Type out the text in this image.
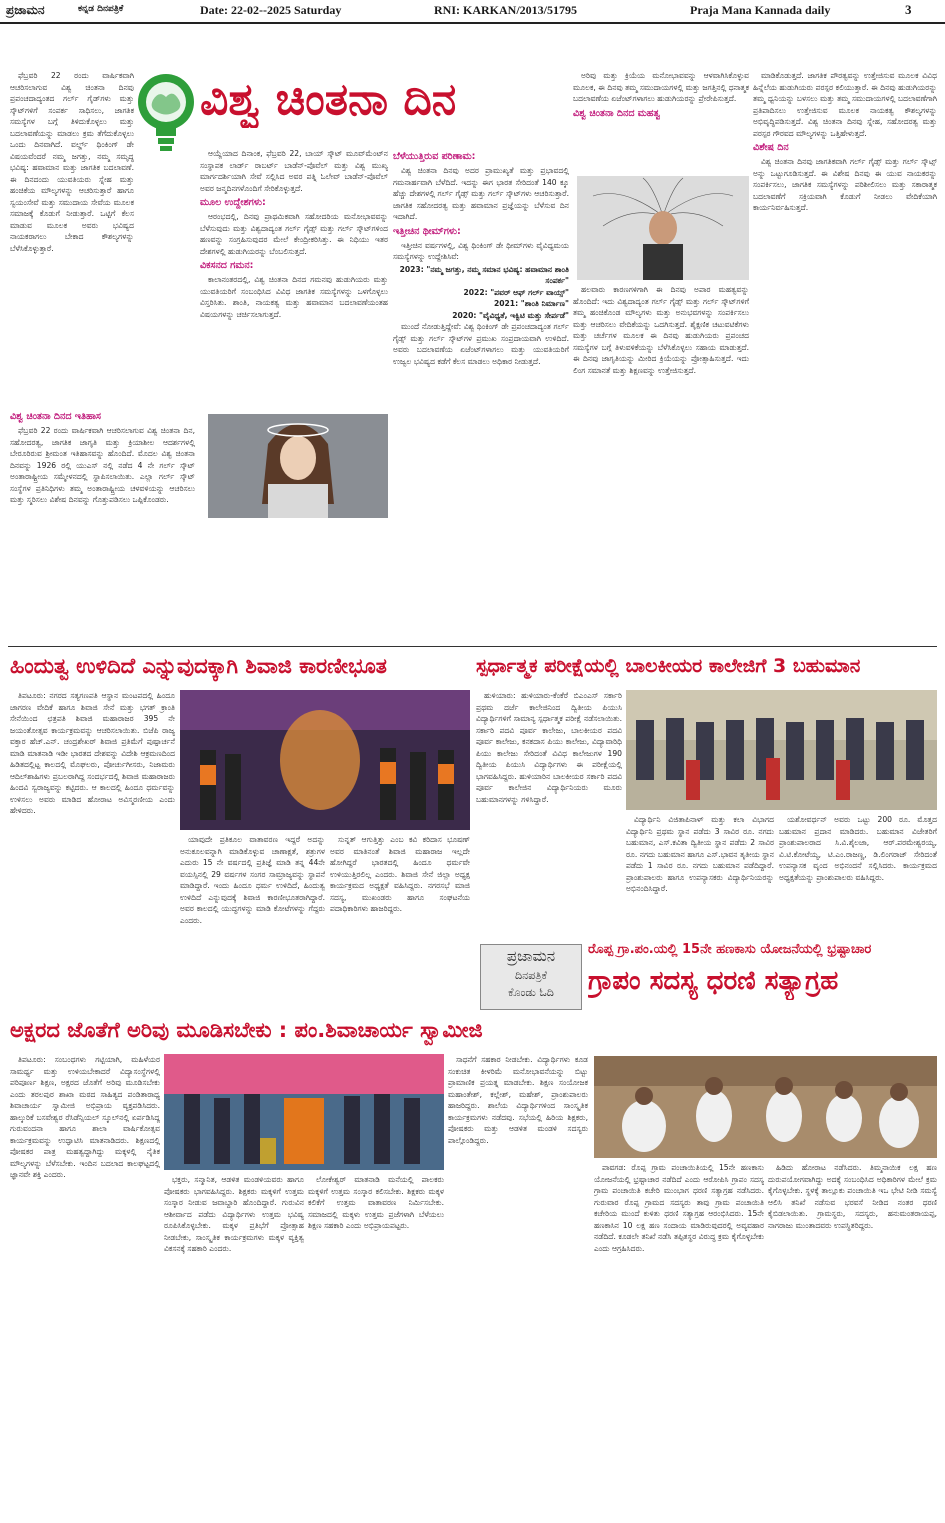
ಪ್ರಜಾಮನ	ಕನ್ನಡ ದಿನಪತ್ರಿಕೆ	Date: 22-02--2025 Saturday	RNI: KARKAN/2013/51795	Praja Mana Kannada daily	3
ವಿಶ್ವ ಚಿಂತನಾ ದಿನ

ಫೆಬ್ರವರಿ 22 ರಂದು ವಾರ್ಷಿಕವಾಗಿ ಆಚರಿಸಲಾಗುವ ವಿಶ್ವ ಚಿಂತನಾ ದಿನವು ಪ್ರಪಂಚದಾದ್ಯಂತದ ಗರ್ಲ್ ಗೈಡ್‌ಗಳು ಮತ್ತು ಸ್ಕೌಟ್‌ಗಳಿಗೆ ಸಂಪರ್ಕ ಸಾಧಿಸಲು, ಜಾಗತಿಕ ಸಮಸ್ಯೆಗಳ ಬಗ್ಗೆ ತಿಳಿದುಕೊಳ್ಳಲು ಮತ್ತು ಬದಲಾವಣೆಯನ್ನು ಮಾಡಲು ಕ್ರಮ ತೆಗೆದುಕೊಳ್ಳಲು ಒಂದು ದಿನವಾಗಿದೆ. ವರ್ಲ್ಡ್ ಥಿಂಕಿಂಗ್ ಡೇ ವಿಷಯವೆಂದರೆ ನಮ್ಮ ಜಗತ್ತು, ನಮ್ಮ ಸಮೃದ್ಧ ಭವಿಷ್ಯ: ಹವಾಮಾನ ಮತ್ತು ಜಾಗತಿಕ ಬದಲಾವಣೆ. ಈ ದಿನದಂದು ಯುವತಿಯರು ಸ್ನೇಹ ಮತ್ತು ಹಂಚಿಕೆಯ ಮೌಲ್ಯಗಳನ್ನು ಆಚರಿಸುತ್ತಾರೆ ಹಾಗೂ ಸ್ವಯಂಸೇವೆ ಮತ್ತು ಸಮುದಾಯ ಸೇವೆಯ ಮೂಲಕ ಸಮಾಜಕ್ಕೆ ಕೊಡುಗೆ ನೀಡುತ್ತಾರೆ. ಒಟ್ಟಿಗೆ ಕೆಲಸ ಮಾಡುವ ಮೂಲಕ ಅವರು ಭವಿಷ್ಯದ ನಾಯಕರಾಗಲು ಬೇಕಾದ ಕೌಶಲ್ಯಗಳನ್ನು ಬೆಳೆಸಿಕೊಳ್ಳುತ್ತಾರೆ.

ವಿಶ್ವ ಚಿಂತನಾ ದಿನದ ಇತಿಹಾಸ

ಫೆಬ್ರವರಿ 22 ರಂದು ವಾರ್ಷಿಕವಾಗಿ ಆಚರಿಸಲಾಗುವ ವಿಶ್ವ ಚಿಂತನಾ ದಿನ, ಸಹೋದರತ್ವ, ಜಾಗತಿಕ ಜಾಗೃತಿ ಮತ್ತು ಕ್ರಿಯಾಶೀಲ ಆದರ್ಶಗಳಲ್ಲಿ ಬೇರೂರಿರುವ ಶ್ರೀಮಂತ ಇತಿಹಾಸವನ್ನು ಹೊಂದಿದೆ. ಮೊದಲ ವಿಶ್ವ ಚಿಂತನಾ ದಿನವನ್ನು 1926 ರಲ್ಲಿ ಯುಎಸ್ ನಲ್ಲಿ ನಡೆದ 4 ನೇ ಗರ್ಲ್ ಸ್ಕೌಟ್ ಅಂತಾರಾಷ್ಟ್ರೀಯ ಸಮ್ಮೇಳನದಲ್ಲಿ ಸ್ಥಾಪಿಸಲಾಯಿತು. ಎಲ್ಲಾ ಗರ್ಲ್ ಸ್ಕೌಟ್ ಸಂಸ್ಥೆಗಳ ಪ್ರತಿನಿಧಿಗಳು ತಮ್ಮ ಅಂತಾರಾಷ್ಟ್ರೀಯ ಚಳವಳಿಯನ್ನು ಆಚರಿಸಲು ಮತ್ತು ಸ್ಮರಿಸಲು ವಿಶೇಷ ದಿನವನ್ನು ಗೊತ್ತುಪಡಿಸಲು ಒಪ್ಪಿಕೊಂಡರು.

ಆಯ್ದೆಯಾದ ದಿನಾಂಕ, ಫೆಬ್ರವರಿ 22, ಬಾಯ್ ಸ್ಕೌಟ್ ಮೂವ್‌ಮೆಂಟ್‌ನ ಸಂಸ್ಥಾಪಕ ಲಾರ್ಡ್ ರಾಬರ್ಟ್ ಬಾಡೆನ್-ಪೊವೆಲ್ ಮತ್ತು ವಿಶ್ವ ಮುಖ್ಯ ಮಾರ್ಗದರ್ಶಿಯಾಗಿ ಸೇವೆ ಸಲ್ಲಿಸಿದ ಅವರ ಪತ್ನಿ ಓಲೇವ್ ಬಾಡೆನ್-ಪೊವೆಲ್ ಅವರ ಜನ್ಮದಿನಗಳೊಂದಿಗೆ ಸೇರಿಕೊಳ್ಳುತ್ತದೆ.

ಮೂಲ ಉದ್ದೇಶಗಳು:

ಆರಂಭದಲ್ಲಿ, ದಿನವು ಪ್ರಾಥಮಿಕವಾಗಿ ಸಹೋದರಿಯ ಮನೋಭಾವವನ್ನು ಬೆಳೆಸುವುದು ಮತ್ತು ವಿಶ್ವದಾದ್ಯಂತ ಗರ್ಲ್ ಗೈಡ್ಸ್ ಮತ್ತು ಗರ್ಲ್ ಸ್ಕೌಟ್‌ಗಳಿಂದ ಹಣವನ್ನು ಸಂಗ್ರಹಿಸುವುದರ ಮೇಲೆ ಕೇಂದ್ರೀಕರಿಸಿತ್ತು. ಈ ನಿಧಿಯು ಇತರ ದೇಶಗಳಲ್ಲಿ ಹುಡುಗಿಯರನ್ನು ಬೆಂಬಲಿಸುತ್ತದೆ.

ವಿಕಸನದ ಗಮನ:

ಕಾಲಾನಂತರದಲ್ಲಿ, ವಿಶ್ವ ಚಿಂತನಾ ದಿನದ ಗಮನವು ಹುಡುಗಿಯರು ಮತ್ತು ಯುವತಿಯರಿಗೆ ಸಂಬಂಧಿಸಿದ ವಿವಿಧ ಜಾಗತಿಕ ಸಮಸ್ಯೆಗಳನ್ನು ಒಳಗೊಳ್ಳಲು ವಿಸ್ತರಿಸಿತು. ಶಾಂತಿ, ನಾಯಕತ್ವ ಮತ್ತು ಹವಾಮಾನ ಬದಲಾವಣೆಯಂತಹ ವಿಷಯಗಳನ್ನು ಚರ್ಚಿಸಲಾಗುತ್ತದೆ.

ಬೆಳೆಯುತ್ತಿರುವ ಪರಿಣಾಮ:

ವಿಶ್ವ ಚಿಂತನಾ ದಿನವು ಅದರ ಪ್ರಾಮುಖ್ಯತೆ ಮತ್ತು ಪ್ರಭಾವದಲ್ಲಿ ಗಮನಾರ್ಹವಾಗಿ ಬೆಳೆದಿದೆ. ಇದನ್ನು ಈಗ ಭಾರತ ಸೇರಿದಂತೆ 140 ಕ್ಕೂ ಹೆಚ್ಚು ದೇಶಗಳಲ್ಲಿ ಗರ್ಲ್ ಗೈಡ್ಸ್ ಮತ್ತು ಗರ್ಲ್ ಸ್ಕೌಟ್‌ಗಳು ಆಚರಿಸುತ್ತಾರೆ. ಜಾಗತಿಕ ಸಹೋದರತ್ವ ಮತ್ತು ಹವಾಮಾನ ಪ್ರಜ್ಞೆಯನ್ನು ಬೆಳೆಸುವ ದಿನ ಇದಾಗಿದೆ.

ಇತ್ತೀಚಿನ ಥೀಮ್‌ಗಳು:

ಇತ್ತೀಚಿನ ವರ್ಷಗಳಲ್ಲಿ, ವಿಶ್ವ ಥಿಂಕಿಂಗ್ ಡೇ ಥೀಮ್‌ಗಳು ವೈವಿಧ್ಯಮಯ ಸಮಸ್ಯೆಗಳನ್ನು ಉದ್ದೇಶಿಸಿವೆ:

2023: "ನಮ್ಮ ಜಗತ್ತು, ನಮ್ಮ ಸಮಾನ ಭವಿಷ್ಯ: ಹವಾಮಾನ ಶಾಂತಿ ಸಂಪರ್ಕ"
2022: "ಪವರ್ ಆಫ್ ಗರ್ಲ್ ವಾಯ್ಸ್"
2021: "ಶಾಂತಿ ನಿರ್ಮಾಣ"
2020: "ವೈವಿಧ್ಯತೆ, ಇಕ್ವಿಟಿ ಮತ್ತು ಸೇರ್ಪಡೆ"

ಮುಂದೆ ನೋಡುತ್ತಿದ್ದೇವೆ: ವಿಶ್ವ ಥಿಂಕಿಂಗ್ ಡೇ ಪ್ರಪಂಚದಾದ್ಯಂತ ಗರ್ಲ್ ಗೈಡ್ಸ್ ಮತ್ತು ಗರ್ಲ್ ಸ್ಕೌಟ್‌ಗಳ ಪ್ರಮುಖ ಸಂಪ್ರದಾಯವಾಗಿ ಉಳಿದಿದೆ. ಅವರು ಬದಲಾವಣೆಯ ಏಜೆಂಟ್‌ಗಳಾಗಲು ಮತ್ತು ಯುವತಿಯರಿಗೆ ಉಜ್ವಲ ಭವಿಷ್ಯದ ಕಡೆಗೆ ಕೆಲಸ ಮಾಡಲು ಅಧಿಕಾರ ನೀಡುತ್ತದೆ.

ಅರಿವು ಮತ್ತು ಕ್ರಿಯೆಯ ಮನೋಭಾವವನ್ನು ಆಳವಾಗಿಸಿಕೊಳ್ಳುವ ಮೂಲಕ, ಈ ದಿನವು ತಮ್ಮ ಸಮುದಾಯಗಳಲ್ಲಿ ಮತ್ತು ಜಗತ್ತಿನಲ್ಲಿ ಧನಾತ್ಮಕ ಬದಲಾವಣೆಯ ಏಜೆಂಟ್‌ಗಳಾಗಲು ಹುಡುಗಿಯರನ್ನು ಪ್ರೇರೇಪಿಸುತ್ತದೆ.

ವಿಶ್ವ ಚಿಂತನಾ ದಿನದ ಮಹತ್ವ

ಹಲವಾರು ಕಾರಣಗಳಿಗಾಗಿ ಈ ದಿನವು ಅಪಾರ ಮಹತ್ವವನ್ನು ಹೊಂದಿದೆ: ಇದು ವಿಶ್ವದಾದ್ಯಂತ ಗರ್ಲ್ ಗೈಡ್ಸ್ ಮತ್ತು ಗರ್ಲ್ ಸ್ಕೌಟ್‌ಗಳಿಗೆ ತಮ್ಮ ಹಂಚಿಕೊಂಡ ಮೌಲ್ಯಗಳು ಮತ್ತು ಅನುಭವಗಳನ್ನು ಸಂಪರ್ಕಿಸಲು ಮತ್ತು ಆಚರಿಸಲು ವೇದಿಕೆಯನ್ನು ಒದಗಿಸುತ್ತದೆ. ಶೈಕ್ಷಣಿಕ ಚಟುವಟಿಕೆಗಳು ಮತ್ತು ಚರ್ಚೆಗಳ ಮೂಲಕ ಈ ದಿನವು ಹುಡುಗಿಯರು ಪ್ರಪಂಚದ ಸಮಸ್ಯೆಗಳ ಬಗ್ಗೆ ತಿಳುವಳಿಕೆಯನ್ನು ಬೆಳೆಸಿಕೊಳ್ಳಲು ಸಹಾಯ ಮಾಡುತ್ತದೆ. ಈ ದಿನವು ಜಾಗೃತಿಯನ್ನು ಮೀರಿದ ಕ್ರಿಯೆಯನ್ನು ಪ್ರೋತ್ಸಾಹಿಸುತ್ತದೆ. ಇದು ಲಿಂಗ ಸಮಾನತೆ ಮತ್ತು ಶಿಕ್ಷಣವನ್ನು ಉತ್ತೇಜಿಸುತ್ತದೆ.

ಮಾಡಿಕೊಡುತ್ತದೆ. ಜಾಗತಿಕ ಪೌರತ್ವವನ್ನು ಉತ್ತೇಜಿಸುವ ಮೂಲಕ ವಿವಿಧ ಹಿನ್ನೆಲೆಯ ಹುಡುಗಿಯರು ಪರಸ್ಪರ ಕಲಿಯುತ್ತಾರೆ. ಈ ದಿನವು ಹುಡುಗಿಯರನ್ನು ತಮ್ಮ ಧ್ವನಿಯನ್ನು ಬಳಸಲು ಮತ್ತು ತಮ್ಮ ಸಮುದಾಯಗಳಲ್ಲಿ ಬದಲಾವಣೆಗಾಗಿ ಪ್ರತಿಪಾದಿಸಲು ಉತ್ತೇಜಿಸುವ ಮೂಲಕ ನಾಯಕತ್ವ ಕೌಶಲ್ಯಗಳನ್ನು ಅಭಿವೃದ್ಧಿಪಡಿಸುತ್ತದೆ. ವಿಶ್ವ ಚಿಂತನಾ ದಿನವು ಸ್ನೇಹ, ಸಹೋದರತ್ವ ಮತ್ತು ಪರಸ್ಪರ ಗೌರವದ ಮೌಲ್ಯಗಳನ್ನು ಒತ್ತಿಹೇಳುತ್ತದೆ.

ವಿಶೇಷ ದಿನ

ವಿಶ್ವ ಚಿಂತನಾ ದಿನವು ಜಾಗತಿಕವಾಗಿ ಗರ್ಲ್ ಗೈಡ್ಸ್ ಮತ್ತು ಗರ್ಲ್ ಸ್ಕೌಟ್ಸ್ ಅನ್ನು ಒಟ್ಟುಗೂಡಿಸುತ್ತದೆ. ಈ ವಿಶೇಷ ದಿನವು ಈ ಯುವ ನಾಯಕರನ್ನು ಸಂಪರ್ಕಿಸಲು, ಜಾಗತಿಕ ಸಮಸ್ಯೆಗಳನ್ನು ಪರಿಶೀಲಿಸಲು ಮತ್ತು ಸಕಾರಾತ್ಮಕ ಬದಲಾವಣೆಗೆ ಸಕ್ರಿಯವಾಗಿ ಕೊಡುಗೆ ನೀಡಲು ವೇದಿಕೆಯಾಗಿ ಕಾರ್ಯನಿರ್ವಹಿಸುತ್ತದೆ.

ಹಿಂದುತ್ವ ಉಳಿದಿದೆ ಎನ್ನುವುದಕ್ಕಾಗಿ ಶಿವಾಜಿ ಕಾರಣೀಭೂತ

ತಿಪಟೂರು: ನಗರದ ಸತ್ಯಗಣಪತಿ ಆಸ್ಥಾನ ಮಂಟಪದಲ್ಲಿ ಹಿಂದೂ ಜಾಗರಣ ವೇದಿಕೆ ಹಾಗೂ ಶಿವಾಜಿ ಸೇನೆ ಮತ್ತು ಭಗತ್ ಕ್ರಾಂತಿ ಸೇನೆಯಿಂದ ಛತ್ರಪತಿ ಶಿವಾಜಿ ಮಹಾರಾಜರ 395 ನೇ ಜಯಂತೋತ್ಸವ ಕಾರ್ಯಕ್ರಮವನ್ನು ಆಚರಿಸಲಾಯಿತು. ಬಿಜೆಪಿ ರಾಜ್ಯ ವಕ್ತಾರ ಹೆಚ್.ಎನ್. ಚಂದ್ರಶೇಖರ್ ಶಿವಾಜಿ ಪ್ರತಿಮೆಗೆ ಪುಷ್ಪಾರ್ಚನೆ ಮಾಡಿ ಮಾತನಾಡಿ ಇಡೀ ಭಾರತದ ದೇಶವನ್ನು ವಿದೇಶಿ ಆಕ್ರಮಣದಿಂದ ಹಿಡಿತದಲ್ಲಿಟ್ಟ ಕಾಲದಲ್ಲಿ ಮೊಘಲರು, ಪೋರ್ಚುಗೀಸರು, ನಿಜಾಮರು ಆದಿಲ್‌ಶಾಹಿಗಳು ಪ್ರಬಲರಾಗಿದ್ದ ಸಂದರ್ಭದಲ್ಲಿ ಶಿವಾಜಿ ಮಹಾರಾಜರು ಹಿಂದವಿ ಸ್ವರಾಜ್ಯವನ್ನು ಕಟ್ಟಿದರು. ಆ ಕಾಲದಲ್ಲಿ ಹಿಂದೂ ಧರ್ಮವನ್ನು ಉಳಿಸಲು ಅವರು ಮಾಡಿದ ಹೋರಾಟ ಅವಿಸ್ಮರಣೀಯ ಎಂದು ಹೇಳಿದರು.

ಯಾವುದೇ ಪ್ರತಿಕೂಲ ವಾತಾವರಣ ಇದ್ದರೆ ಅದನ್ನು ಅನುಕೂಲವನ್ನಾಗಿ ಮಾಡಿಕೊಳ್ಳುವ ಚಾಣಾಕ್ಷತೆ, ಶತ್ರುಗಳ ಎದುರು 15 ನೇ ವರ್ಷದಲ್ಲಿ ಪ್ರತಿಜ್ಞೆ ಮಾಡಿ ತನ್ನ 44ನೇ ವಯಸ್ಸಿನಲ್ಲಿ 29 ವರ್ಷಗಳ ಸಂಗರ ಸಾಮ್ರಾಜ್ಯವನ್ನು ಸ್ಥಾಪನೆ ಮಾಡಿದ್ದಾರೆ. ಇಂದು ಹಿಂದೂ ಧರ್ಮ ಉಳಿದಿದೆ, ಹಿಂದುತ್ವ ಉಳಿದಿದೆ ಎನ್ನುವುದಕ್ಕೆ ಶಿವಾಜಿ ಕಾರಣೀಭೂತರಾಗಿದ್ದಾರೆ. ಅವರ ಕಾಲದಲ್ಲಿ ಯುದ್ಧಗಳನ್ನು ಮಾಡಿ ಕೋಟೆಗಳನ್ನು ಗೆದ್ದರು ಎಂದರು.

ಸುನ್ನತ್ ಆಗುತ್ತಿತ್ತು ಎಂಬ ಕವಿ ಕರಿದಾಸ ಭೂಷಣ್ ಅವರ ಮಾತಿನಂತೆ ಶಿವಾಜಿ ಮಹಾರಾಜ ಇಲ್ಲದೇ ಹೋಗಿದ್ದರೆ ಭಾರತದಲ್ಲಿ ಹಿಂದೂ ಧರ್ಮವೇ ಉಳಿಯುತ್ತಿರಲಿಲ್ಲ ಎಂದರು. ಶಿವಾಜಿ ಸೇನೆ ಜಿಲ್ಲಾ ಅಧ್ಯಕ್ಷ ಕಾರ್ಯಕ್ರಮದ ಅಧ್ಯಕ್ಷತೆ ವಹಿಸಿದ್ದರು. ನಗರಸಭೆ ಮಾಜಿ ಸದಸ್ಯ, ಮುಖಂಡರು ಹಾಗೂ ಸಂಘಟನೆಯ ಪದಾಧಿಕಾರಿಗಳು ಹಾಜರಿದ್ದರು.

ಸ್ಪರ್ಧಾತ್ಮಕ ಪರೀಕ್ಷೆಯಲ್ಲಿ ಬಾಲಕೀಯರ ಕಾಲೇಜಿಗೆ 3 ಬಹುಮಾನ

ಹುಳಿಯಾರು: ಹುಳಿಯಾರು-ಕೆಂಕೆರೆ ಬಿಎಂಎಸ್ ಸರ್ಕಾರಿ ಪ್ರಥಮ ದರ್ಜೆ ಕಾಲೇಜಿನಿಂದ ದ್ವಿತೀಯ ಪಿಯುಸಿ ವಿದ್ಯಾರ್ಥಿಗಳಿಗೆ ಸಾಮಾನ್ಯ ಸ್ಪರ್ಧಾತ್ಮಕ ಪರೀಕ್ಷೆ ನಡೆಸಲಾಯಿತು. ಸರ್ಕಾರಿ ಪದವಿ ಪೂರ್ವ ಕಾಲೇಜು, ಬಾಲಕೀಯರ ಪದವಿ ಪೂರ್ವ ಕಾಲೇಜು, ಕನಕದಾಸ ಪಿಯು ಕಾಲೇಜು, ವಿದ್ಯಾವಾರಿಧಿ ಪಿಯು ಕಾಲೇಜು ಸೇರಿದಂತೆ ವಿವಿಧ ಕಾಲೇಜುಗಳ 190 ದ್ವಿತೀಯ ಪಿಯುಸಿ ವಿದ್ಯಾರ್ಥಿಗಳು ಈ ಪರೀಕ್ಷೆಯಲ್ಲಿ ಭಾಗವಹಿಸಿದ್ದರು. ಹುಳಿಯಾರಿನ ಬಾಲಕೀಯರ ಸರ್ಕಾರಿ ಪದವಿ ಪೂರ್ವ ಕಾಲೇಜಿನ ವಿದ್ಯಾರ್ಥಿನಿಯರು ಮೂರು ಬಹುಮಾನಗಳನ್ನು ಗಳಿಸಿದ್ದಾರೆ.

ವಿದ್ಯಾರ್ಥಿನಿ ವಿಜಿತಾಪಿನಾಳ್ ಮತ್ತು ಕಲಾ ವಿಭಾಗದ ವಿದ್ಯಾರ್ಥಿನಿ ಪ್ರಥಮ ಸ್ಥಾನ ಪಡೆದು 3 ಸಾವಿರ ರೂ. ನಗದು ಬಹುಮಾನ, ಎಸ್.ಕವಿತಾ ದ್ವಿತೀಯ ಸ್ಥಾನ ಪಡೆದು 2 ಸಾವಿರ ರೂ. ನಗದು ಬಹುಮಾನ ಹಾಗೂ ಎಸ್.ಭಾವನ ತೃತೀಯ ಸ್ಥಾನ ಪಡೆದು 1 ಸಾವಿರ ರೂ. ನಗದು ಬಹುಮಾನ ಪಡೆದಿದ್ದಾರೆ. ಪ್ರಾಂಶುಪಾಲರು ಹಾಗೂ ಉಪನ್ಯಾಸಕರು ವಿದ್ಯಾರ್ಥಿನಿಯರನ್ನು ಅಭಿನಂದಿಸಿದ್ದಾರೆ.

ಯಶೋವರ್ಧನ್ ಅವರು ಒಟ್ಟು 200 ರೂ. ಮೊತ್ತದ ಬಹುಮಾನ ಪ್ರದಾನ ಮಾಡಿದರು. ಬಹುಮಾನ ವಿಜೇತರಿಗೆ ಪ್ರಾಂಶುಪಾಲರಾದ ಸಿ.ವಿ.ಶೈಲಜಾ, ಆರ್.ಪರಮೇಶ್ವರಯ್ಯ, ವಿ.ಟಿ.ಕೋಟೆಯ್ಯ, ಟಿ.ಎಂ.ರಾಜಣ್ಣ, ಡಿ.ಲಿಂಗರಾಜ್ ಸೇರಿದಂತೆ ಉಪನ್ಯಾಸಕ ವೃಂದ ಅಭಿನಂದನೆ ಸಲ್ಲಿಸಿದರು. ಕಾರ್ಯಕ್ರಮದ ಅಧ್ಯಕ್ಷತೆಯನ್ನು ಪ್ರಾಂಶುಪಾಲರು ವಹಿಸಿದ್ದರು.

ಪ್ರಜಾಮನ
ದಿನಪತ್ರಿಕೆ
ಕೊಂಡು ಓದಿ
ರೊಪ್ಪ ಗ್ರಾ.ಪಂ.ಯಲ್ಲಿ 15ನೇ ಹಣಕಾಸು ಯೋಜನೆಯಲ್ಲಿ ಭ್ರಷ್ಟಾಚಾರ
ಗ್ರಾಪಂ ಸದಸ್ಯ ಧರಣಿ ಸತ್ಯಾಗ್ರಹ

ಪಾವಗಡ: ರೊಪ್ಪ ಗ್ರಾಮ ಪಂಚಾಯಿತಿಯಲ್ಲಿ 15ನೇ ಹಣಕಾಸು ಯೋಜನೆಯಲ್ಲಿ ಭ್ರಷ್ಟಾಚಾರ ನಡೆದಿದೆ ಎಂದು ಆರೋಪಿಸಿ ಗ್ರಾಪಂ ಸದಸ್ಯ ಗ್ರಾಮ ಪಂಚಾಯಿತಿ ಕಚೇರಿ ಮುಂಭಾಗ ಧರಣಿ ಸತ್ಯಾಗ್ರಹ ನಡೆಸಿದರು. ಗುರುವಾರ ರೊಪ್ಪ ಗ್ರಾಮದ ಸದಸ್ಯರು ತಾವು ಗ್ರಾಮ ಪಂಚಾಯಿತಿ ಕಚೇರಿಯ ಮುಂದೆ ಕುಳಿತು ಧರಣಿ ಸತ್ಯಾಗ್ರಹ ಆರಂಭಿಸಿದರು. 15ನೇ ಹಣಕಾಸಿನ 10 ಲಕ್ಷ ಹಣ ಸಂದಾಯ ಮಾಡಿರುವುದರಲ್ಲಿ ಅವ್ಯವಹಾರ ನಡೆದಿದೆ. ಕೂಡಲೇ ತನಿಖೆ ನಡೆಸಿ ತಪ್ಪಿತಸ್ಥರ ವಿರುದ್ಧ ಕ್ರಮ ಕೈಗೊಳ್ಳಬೇಕು ಎಂದು ಆಗ್ರಹಿಸಿದರು.

ಹಿಡಿದು ಹೋರಾಟ ನಡೆಸಿದರು. ತಿಮ್ಮನಾಯಿಕ ಲಕ್ಷ ಹಣ ದುರುಪಯೋಗವಾಗಿದ್ದು ಅದಕ್ಕೆ ಸಂಬಂಧಿಸಿದ ಅಧಿಕಾರಿಗಳ ಮೇಲೆ ಕ್ರಮ ಕೈಗೊಳ್ಳಬೇಕು. ಸ್ಥಳಕ್ಕೆ ತಾಲ್ಲೂಕು ಪಂಚಾಯಿತಿ ಇಒ ಭೇಟಿ ನೀಡಿ ಸಮಸ್ಯೆ ಆಲಿಸಿ ತನಿಖೆ ನಡೆಸುವ ಭರವಸೆ ನೀಡಿದ ನಂತರ ಧರಣಿ ಕೈಬಿಡಲಾಯಿತು. ಗ್ರಾಮಸ್ಥರು, ಸದಸ್ಯರು, ಹನುಮಂತರಾಯಪ್ಪ, ನಾಗರಾಜು ಮುಂತಾದವರು ಉಪಸ್ಥಿತರಿದ್ದರು.

ಅಕ್ಷರದ ಜೊತೆಗೆ ಅರಿವು ಮೂಡಿಸಬೇಕು : ಪಂ.ಶಿವಾಚಾರ್ಯ ಸ್ವಾಮೀಜಿ

ತಿಪಟೂರು: ಸಂಬಂಧಗಳು ಗಟ್ಟಿಯಾಗಿ, ಮಹಿಳೆಯರ ಸಾಮರ್ಥ್ಯ ಮತ್ತು ಉಳಿಯಬೇಕಾದರೆ ವಿದ್ಯಾಸಂಸ್ಥೆಗಳಲ್ಲಿ ಪರಿಪೂರ್ಣ ಶಿಕ್ಷಣ, ಅಕ್ಷರದ ಜೊತೆಗೆ ಅರಿವು ಮೂಡಿಸಬೇಕು ಎಂದು ತರಲಪುರ ಶಾಖಾ ಮಠದ ಸಾಹಿತ್ಯದ ಪಂಡಿತಾರಾಧ್ಯ ಶಿವಾಚಾರ್ಯ ಸ್ವಾಮೀಜಿ ಅಭಿಪ್ರಾಯ ವ್ಯಕ್ತಪಡಿಸಿದರು. ಹಾಲ್ಕುರಿಕೆ ಬಸವೇಶ್ವರ ರೆಸಿಡೆನ್ಸಿಯಲ್ ಸ್ಕೂಲ್‌ನಲ್ಲಿ ಏರ್ಪಡಿಸಿದ್ದ ಗುರುವಂದನಾ ಹಾಗೂ ಶಾಲಾ ವಾರ್ಷಿಕೋತ್ಸವ ಕಾರ್ಯಕ್ರಮವನ್ನು ಉದ್ಘಾಟಿಸಿ ಮಾತನಾಡಿದರು. ಶಿಕ್ಷಣದಲ್ಲಿ ಪೋಷಕರ ಪಾತ್ರ ಮಹತ್ವದ್ದಾಗಿದ್ದು ಮಕ್ಕಳಲ್ಲಿ ನೈತಿಕ ಮೌಲ್ಯಗಳನ್ನು ಬೆಳೆಸಬೇಕು. ಇಂದಿನ ಬದಲಾದ ಕಾಲಘಟ್ಟದಲ್ಲಿ ಜ್ಞಾನವೇ ಶಕ್ತಿ ಎಂದರು.

ಭಕ್ತರು, ಸನ್ಮಾನಿತ, ಆಡಳಿತ ಮಂಡಳಿಯವರು ಹಾಗೂ ಪೋಷಕರು ಭಾಗವಹಿಸಿದ್ದರು. ಶಿಕ್ಷಕರು ಮಕ್ಕಳಿಗೆ ಉತ್ತಮ ಸಂಸ್ಕಾರ ನೀಡುವ ಜವಾಬ್ದಾರಿ ಹೊಂದಿದ್ದಾರೆ. ಗುರುವಿನ ಆಶೀರ್ವಾದ ಪಡೆದು ವಿದ್ಯಾರ್ಥಿಗಳು ಉತ್ತಮ ಭವಿಷ್ಯ ರೂಪಿಸಿಕೊಳ್ಳಬೇಕು. ಮಕ್ಕಳ ಪ್ರತಿಭೆಗೆ ಪ್ರೋತ್ಸಾಹ ನೀಡಬೇಕು, ಸಾಂಸ್ಕೃತಿಕ ಕಾರ್ಯಕ್ರಮಗಳು ಮಕ್ಕಳ ವ್ಯಕ್ತಿತ್ವ ವಿಕಸನಕ್ಕೆ ಸಹಕಾರಿ ಎಂದರು.

ಲೋಕೇಶ್ವರ್ ಮಾತನಾಡಿ ಮನೆಯಲ್ಲಿ ಪಾಲಕರು ಮಕ್ಕಳಿಗೆ ಉತ್ತಮ ಸಂಸ್ಕಾರ ಕಲಿಸಬೇಕು. ಶಿಕ್ಷಕರು ಮಕ್ಕಳ ಕಲಿಕೆಗೆ ಉತ್ತಮ ವಾತಾವರಣ ನಿರ್ಮಿಸಬೇಕು. ಸಮಾಜದಲ್ಲಿ ಮಕ್ಕಳು ಉತ್ತಮ ಪ್ರಜೆಗಳಾಗಿ ಬೆಳೆಯಲು ಶಿಕ್ಷಣ ಸಹಕಾರಿ ಎಂದು ಅಭಿಪ್ರಾಯಪಟ್ಟರು.

ಸಾಧನೆಗೆ ಸಹಕಾರ ನೀಡಬೇಕು. ವಿದ್ಯಾರ್ಥಿಗಳು ಕೂಡ ಸಂಕುಚಿತ ಕೀಳರಿಮೆ ಮನೋಭಾವನೆಯನ್ನು ಬಿಟ್ಟು ಪ್ರಾಮಾಣಿಕ ಪ್ರಯತ್ನ ಮಾಡಬೇಕು. ಶಿಕ್ಷಣ ಸಂಯೋಜಕ ಮಹಾಂತೇಶ್, ಕಲ್ಲೇಶ್, ಮಹೇಶ್, ಪ್ರಾಂಶುಪಾಲರು ಹಾಜರಿದ್ದರು. ಶಾಲೆಯ ವಿದ್ಯಾರ್ಥಿಗಳಿಂದ ಸಾಂಸ್ಕೃತಿಕ ಕಾರ್ಯಕ್ರಮಗಳು ನಡೆದವು. ಸಭೆಯಲ್ಲಿ ಹಿರಿಯ ಶಿಕ್ಷಕರು, ಪೋಷಕರು ಮತ್ತು ಆಡಳಿತ ಮಂಡಳಿ ಸದಸ್ಯರು ಪಾಲ್ಗೊಂಡಿದ್ದರು.
